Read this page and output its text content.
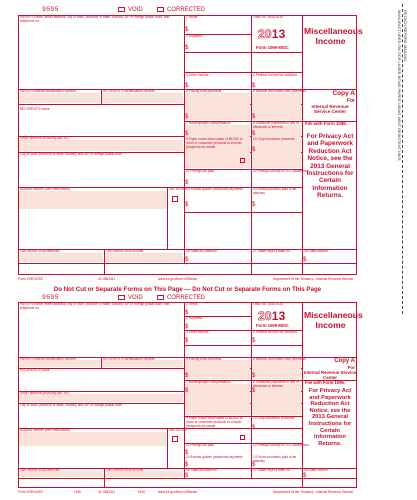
9595	VOID	CORRECTED
PAYER'S name, street address, city or town, province or state, country, ZIP or foreign postal code, and telephone no.
1 Rents
$
2 Royalties
$
OMB No. 1545-0115
2013
Form 1099-MISC
Miscellaneous
Income
3 Other income
$
4 Federal income tax withheld
$
Copy A
For
Internal Revenue Service Center
PAYER'S federal identification number	RECIPIENT'S identification number	5 Fishing boat proceeds
$
6 Medical and health care payments
$
File with Form 1096.
RECIPIENT'S name
7 Nonemployee compensation
$
8 Substitute payments in lieu of dividends or interest
$	For Privacy Act and Paperwork Reduction Act Notice, see the 2013 General Instructions for Certain Information Returns.
Street address (including apt. no.)	9 Payer made direct sales of $5,000 or more of consumer products to a buyer (recipient) for resale
10 Crop insurance proceeds
$
City or town, province or state, country, and ZIP or foreign postal code
11 Foreign tax paid
$
12 Foreign country or U.S. possession
Account number (see instructions)	2nd TIN not.
13 Excess golden parachute payments
$
14 Gross proceeds paid to an attorney
$
15a Section 409A deferrals	15b Section 409A income	16 State tax withheld
$
17 State/Payer's state no.	18 State income
$
Form 1099-MISC	41-0853411	www.irs.gov/form1099misc	Department of the Treasury - Internal Revenue Service
Do Not Cut or Separate Forms on This Page — Do Not Cut or Separate Forms on This Page
9595	VOID	CORRECTED
PAYER'S name, street address, city or town, province or state, country, ZIP or foreign postal code, and telephone no.
1 Rents
$
2 Royalties
$
OMB No. 1545-0115
2013
Form 1099-MISC
Miscellaneous
Income
3 Other income
$
4 Federal income tax withheld
$
Copy A
For
Internal Revenue Service Center
PAYER'S federal identification number	RECIPIENT'S identification number	5 Fishing boat proceeds
$
6 Medical and health care payments
$
File with Form 1096.
RECIPIENT'S name
7 Nonemployee compensation
$
8 Substitute payments in lieu of dividends or interest
$	For Privacy Act and Paperwork Reduction Act Notice, see the 2013 General Instructions for Certain Information Returns.
Street address (including apt. no.)
9 Payer made direct sales of $5,000 or more of consumer products to a buyer (recipient) for resale
10 Crop insurance proceeds
$
City or town, province or state, country, and ZIP or foreign postal code
11 Foreign tax paid
$
12 Foreign country or U.S. possession
Account number (see instructions)	2nd TIN not.
13 Excess golden parachute payments
$
14 Gross proceeds paid to an attorney
$
15a Section 409A deferrals	15b Section 409A income	16 State tax withheld
$
17 State/Payer's state no.	18 State income
$
Form 1099-MISC	LMA	41-0853411	5110	www.irs.gov/form1099misc	Department of the Treasury - Internal Revenue Service
DETACH BEFORE MAILING
MANUFACTURED ON OCR LASER BOND PAPER USING HEAT RESISTANT INKS
